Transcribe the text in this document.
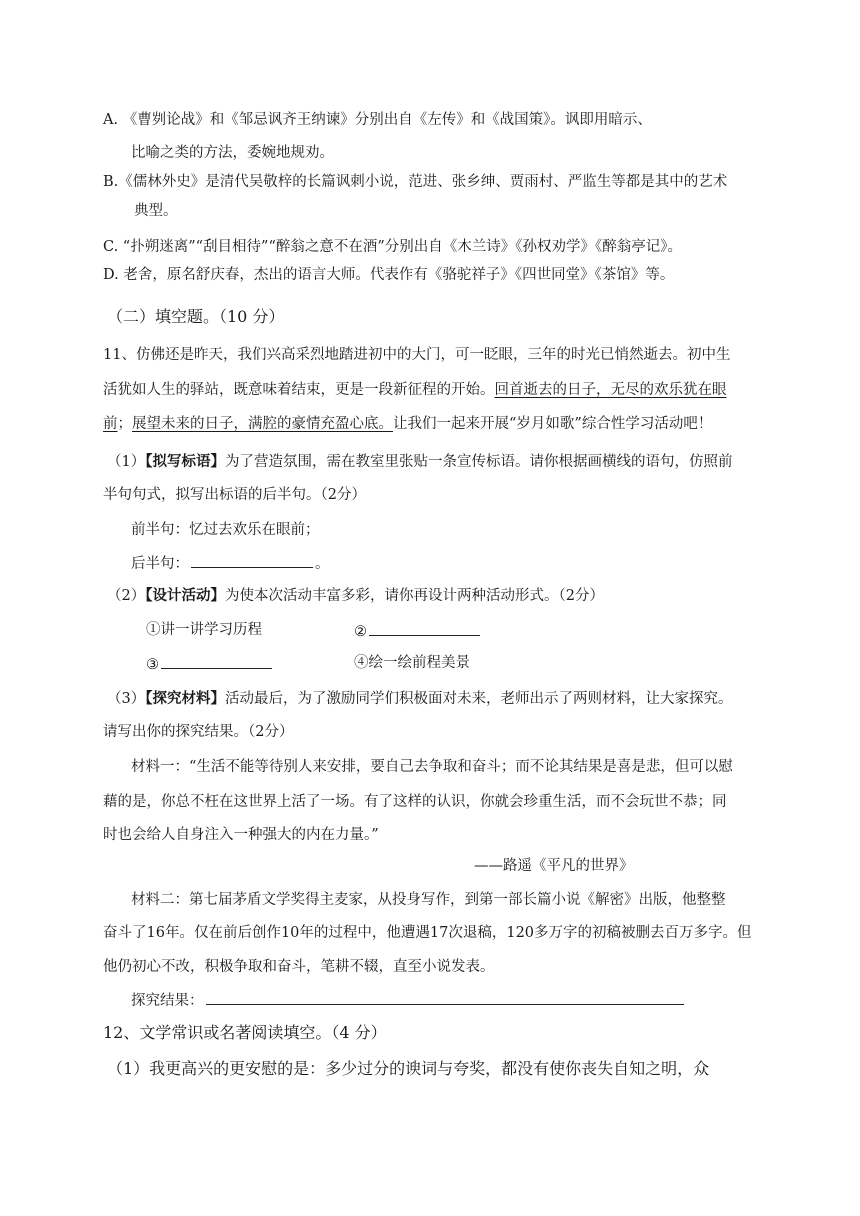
A. 《曹刿论战》和《邹忌讽齐王纳谏》分别出自《左传》和《战国策》。讽即用暗示、
比喻之类的方法，委婉地规劝。
B.《儒林外史》是清代吴敬梓的长篇讽刺小说，范进、张乡绅、贾雨村、严监生等都是其中的艺术
典型。
C. “扑朔迷离”“刮目相待”“醉翁之意不在酒”分别出自《木兰诗》《孙权劝学》《醉翁亭记》。
D. 老舍，原名舒庆春，杰出的语言大师。代表作有《骆驼祥子》《四世同堂》《茶馆》等。
（二）填空题。（10 分）
11、仿佛还是昨天，我们兴高采烈地踏进初中的大门，可一眨眼，三年的时光已悄然逝去。初中生
活犹如人生的驿站，既意味着结束，更是一段新征程的开始。回首逝去的日子，无尽的欢乐犹在眼
前；展望未来的日子，满腔的豪情充盈心底。让我们一起来开展“岁月如歌”综合性学习活动吧！
（1）【拟写标语】为了营造氛围，需在教室里张贴一条宣传标语。请你根据画横线的语句，仿照前
半句句式，拟写出标语的后半句。（2分）
前半句：忆过去欢乐在眼前；
后半句：	。
（2）【设计活动】为使本次活动丰富多彩，请你再设计两种活动形式。（2分）
①讲一讲学习历程	②
③	④绘一绘前程美景
（3）【探究材料】活动最后，为了激励同学们积极面对未来，老师出示了两则材料，让大家探究。
请写出你的探究结果。（2分）
材料一：“生活不能等待别人来安排，要自己去争取和奋斗；而不论其结果是喜是悲，但可以慰
藉的是，你总不枉在这世界上活了一场。有了这样的认识，你就会珍重生活，而不会玩世不恭；同
时也会给人自身注入一种强大的内在力量。”
——路遥《平凡的世界》
材料二：第七届茅盾文学奖得主麦家，从投身写作，到第一部长篇小说《解密》出版，他整整
奋斗了16年。仅在前后创作10年的过程中，他遭遇17次退稿，120多万字的初稿被删去百万多字。但
他仍初心不改，积极争取和奋斗，笔耕不辍，直至小说发表。
探究结果：
12、文学常识或名著阅读填空。（4 分）
（1）我更高兴的更安慰的是：多少过分的谀词与夸奖，都没有使你丧失自知之明，众
